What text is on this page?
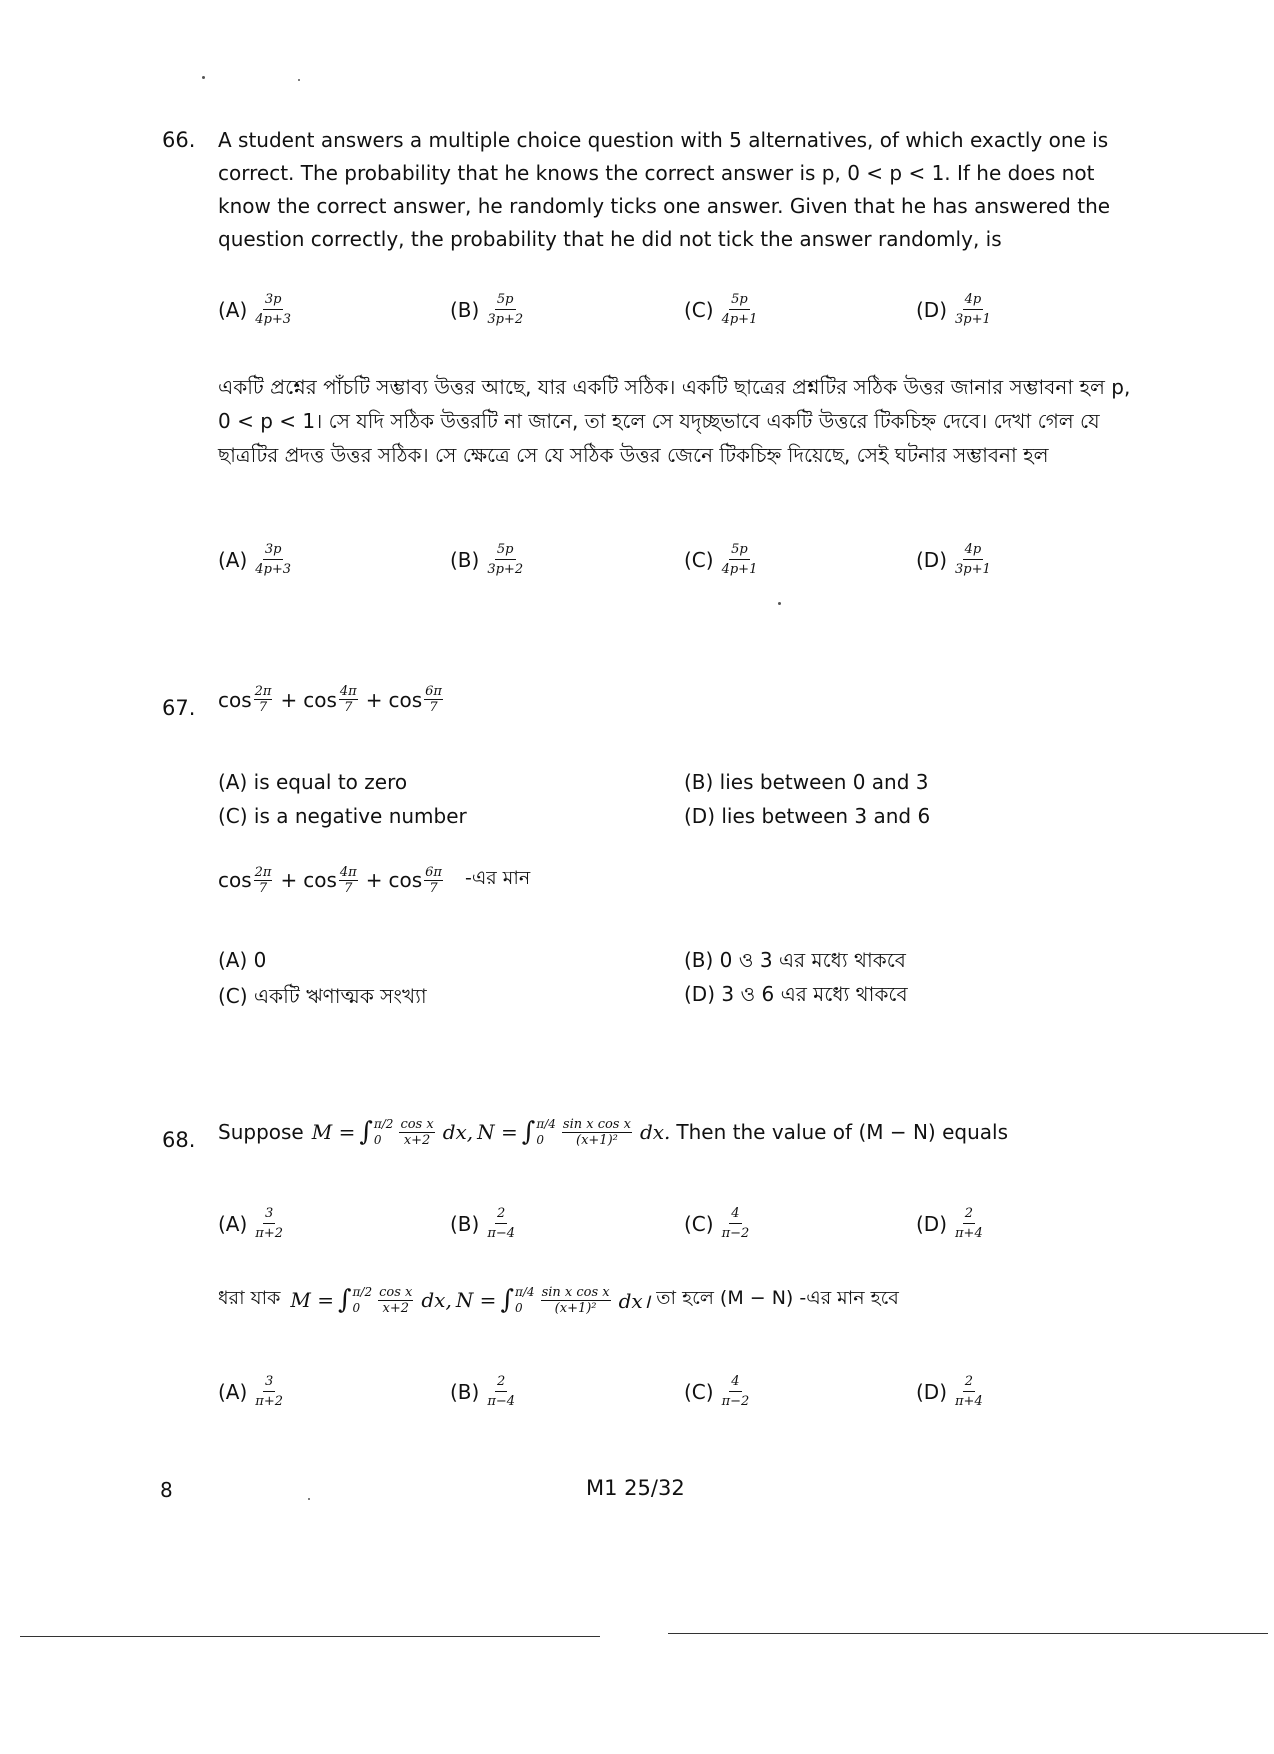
66. A student answers a multiple choice question with 5 alternatives, of which exactly one is correct. The probability that he knows the correct answer is p, 0 < p < 1. If he does not know the correct answer, he randomly ticks one answer. Given that he has answered the question correctly, the probability that he did not tick the answer randomly, is
$(A) \frac{3p}{4p+3}$	$(B) \frac{5p}{3p+2}$	$(C) \frac{5p}{4p+1}$	$(D) \frac{4p}{3p+1}$
একটি প্রশ্নের পাঁচটি সম্ভাব্য উত্তর আছে, যার একটি সঠিক। একটি ছাত্রের প্রশ্নটির সঠিক উত্তর জানার সম্ভাবনা হল p, 0 < p < 1। সে যদি সঠিক উত্তরটি না জানে, তা হলে সে যদৃচ্ছভাবে একটি উত্তরে টিকচিহ্ন দেবে। দেখা গেল যে ছাত্রটির প্রদত্ত উত্তর সঠিক। সে ক্ষেত্রে সে যে সঠিক উত্তর জেনে টিকচিহ্ন দিয়েছে, সেই ঘটনার সম্ভাবনা হল
$(A) \frac{3p}{4p+3}$	$(B) \frac{5p}{3p+2}$	$(C) \frac{5p}{4p+1}$	$(D) \frac{4p}{3p+1}$
67. $\cos \frac{2\pi}{7} + \cos \frac{4\pi}{7} + \cos \frac{6\pi}{7}$
(A) is equal to zero	(B) lies between 0 and 3
(C) is a negative number	(D) lies between 3 and 6
$\cos \frac{2\pi}{7} + \cos \frac{4\pi}{7} + \cos \frac{6\pi}{7}$ -এর মান
(A) 0	(B) 0 ও 3 এর মধ্যে থাকবে
(C) একটি ঋণাত্মক সংখ্যা	(D) 3 ও 6 এর মধ্যে থাকবে
68. Suppose M = ∫ π/2
0	$\frac{\text{cos x}}{x+2}$ dx, N = ∫ π/4
0	$\frac{\text{sin x cos x}}{\text{(x+1)²}}$ dx. Then the value of (M − N) equals
$(A) \frac{3}{\pi+2}$	$(B) \frac{2}{\pi-4}$	$(C) \frac{4}{\pi-2}$	$(D) \frac{2}{\pi+4}$
ধরা যাক M = ∫ π/2
0	$\frac{\text{cos x}}{x+2}$ dx, N = ∫ π/4
0	$\frac{\text{sin x cos x}}{\text{(x+1)²}}$ dx। তা হলে (M − N) -এর মান হবে
$(A) \frac{3}{\pi+2}$	$(B) \frac{2}{\pi-4}$	$(C) \frac{4}{\pi-2}$	$(D) \frac{2}{\pi+4}$
8	M1 25/32
